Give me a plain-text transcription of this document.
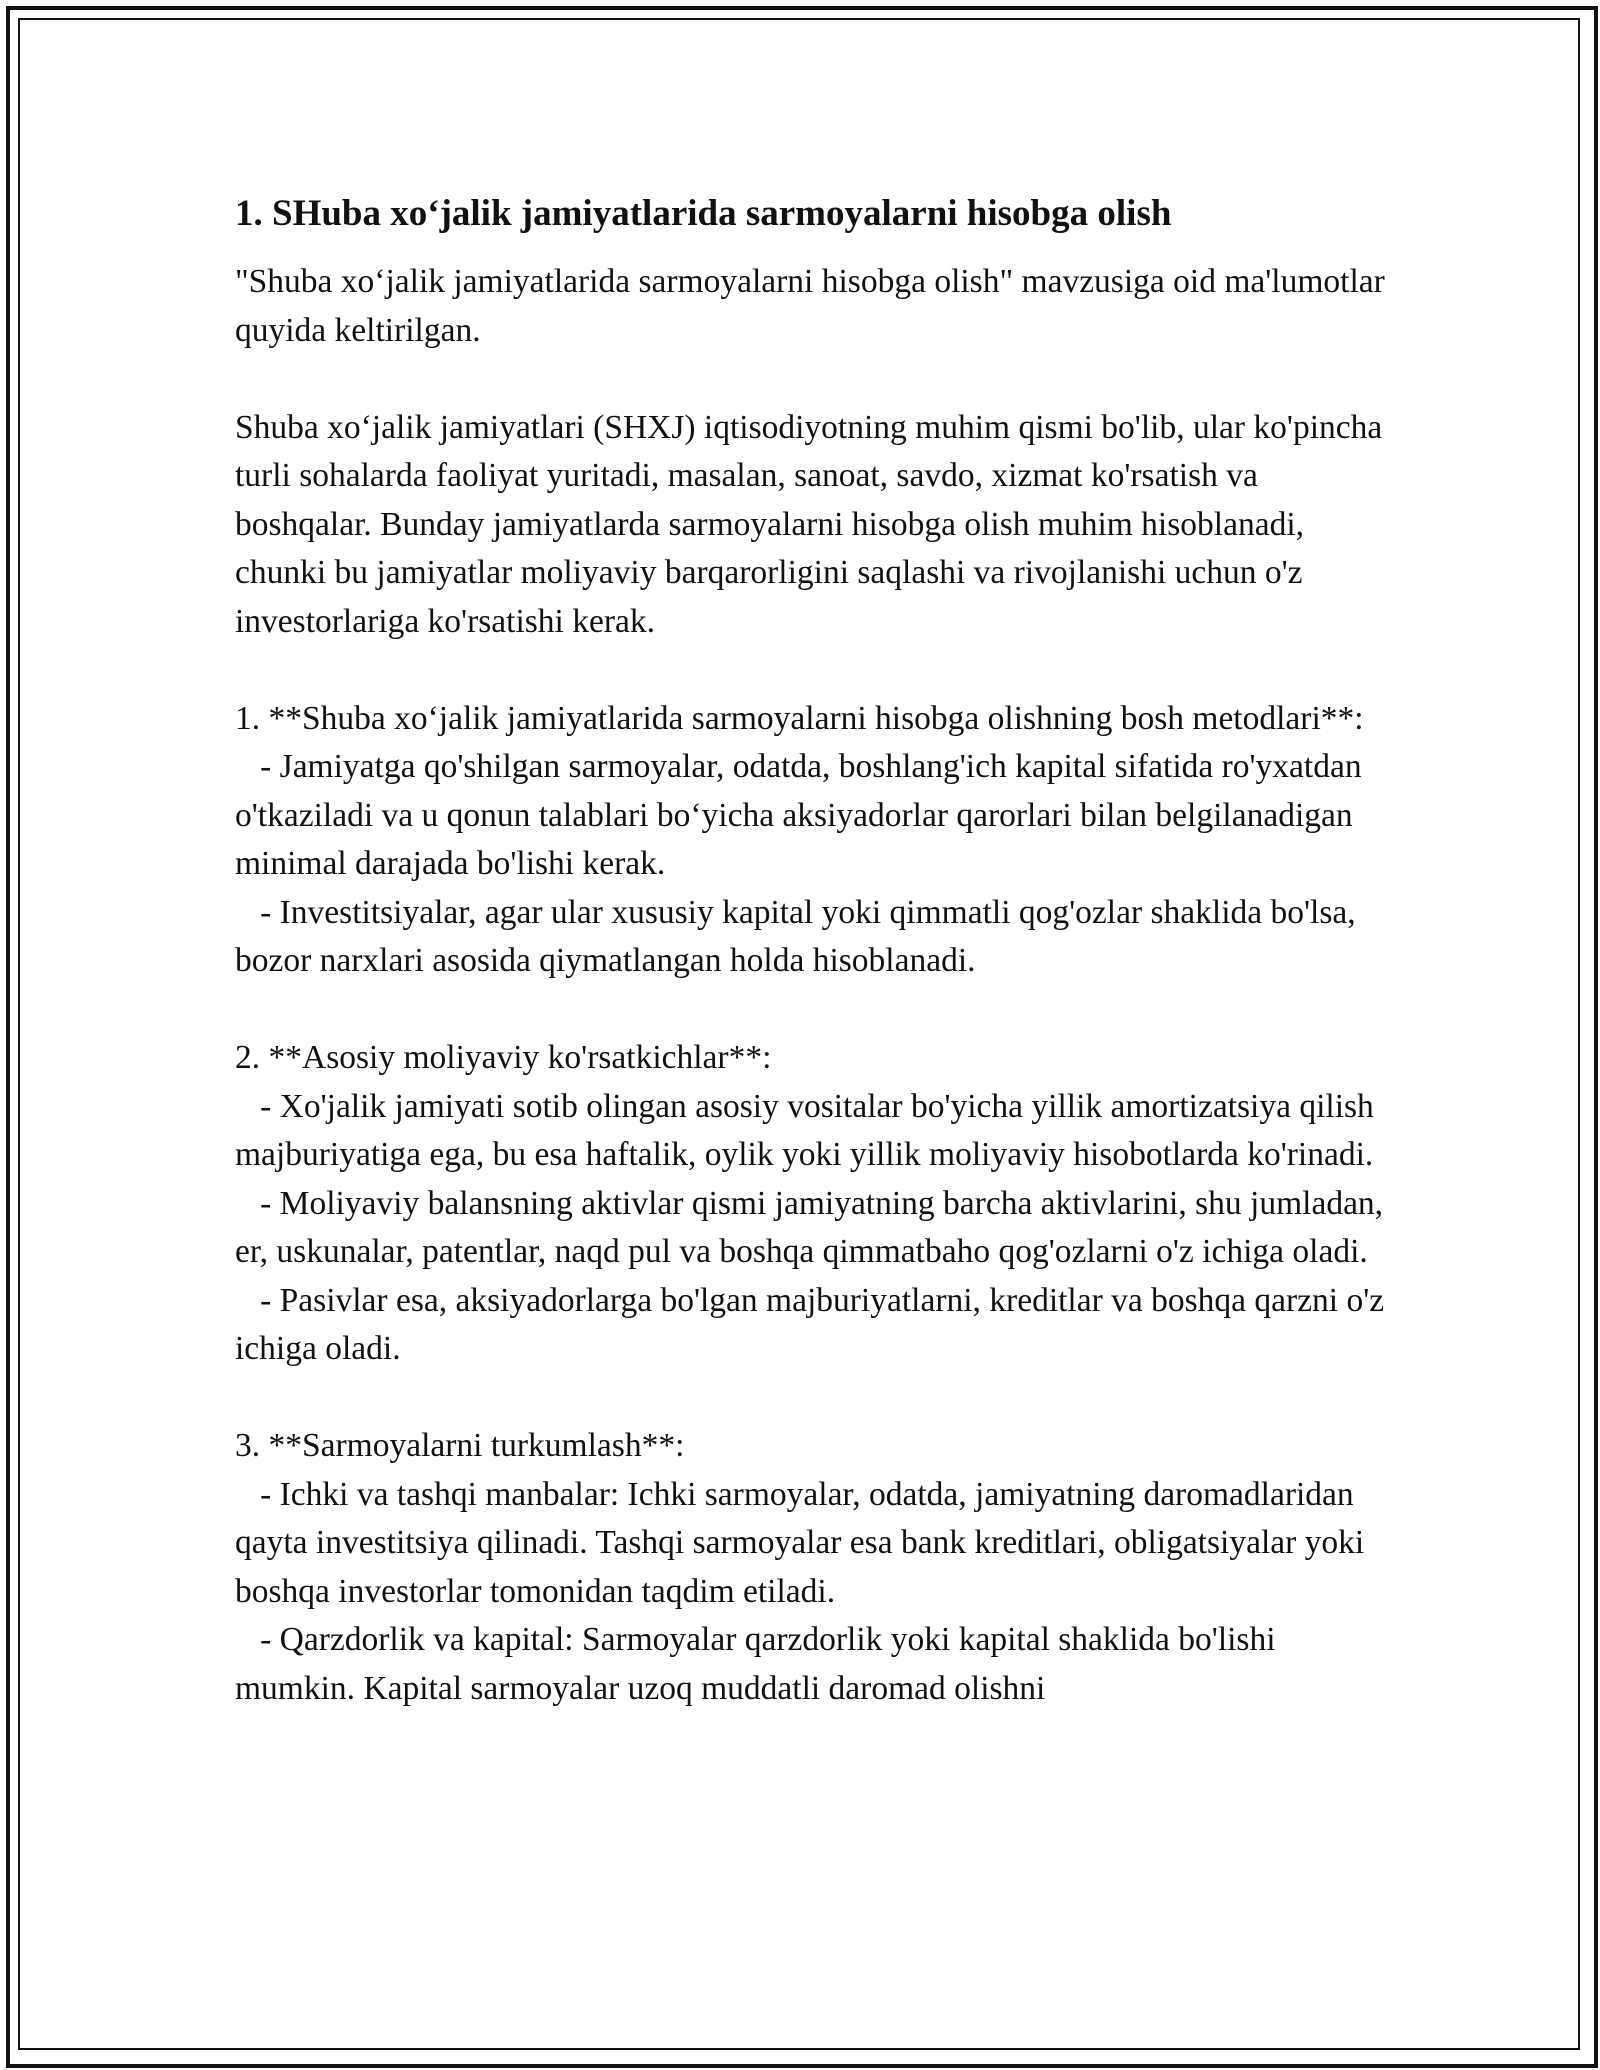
1. SHuba xo‘jalik jamiyatlarida sarmoyalarni hisobga olish

"Shuba xo‘jalik jamiyatlarida sarmoyalarni hisobga olish" mavzusiga oid ma'lumotlar quyida keltirilgan.

Shuba xo‘jalik jamiyatlari (SHXJ) iqtisodiyotning muhim qismi bo'lib, ular ko'pincha turli sohalarda faoliyat yuritadi, masalan, sanoat, savdo, xizmat ko'rsatish va boshqalar. Bunday jamiyatlarda sarmoyalarni hisobga olish muhim hisoblanadi, chunki bu jamiyatlar moliyaviy barqarorligini saqlashi va rivojlanishi uchun o'z investorlariga ko'rsatishi kerak.

1. **Shuba xo‘jalik jamiyatlarida sarmoyalarni hisobga olishning bosh metodlari**:
- Jamiyatga qo'shilgan sarmoyalar, odatda, boshlang'ich kapital sifatida ro'yxatdan o'tkaziladi va u qonun talablari bo‘yicha aksiyadorlar qarorlari bilan belgilanadigan minimal darajada bo'lishi kerak.
- Investitsiyalar, agar ular xususiy kapital yoki qimmatli qog'ozlar shaklida bo'lsa, bozor narxlari asosida qiymatlangan holda hisoblanadi.

2. **Asosiy moliyaviy ko'rsatkichlar**:
- Xo'jalik jamiyati sotib olingan asosiy vositalar bo'yicha yillik amortizatsiya qilish majburiyatiga ega, bu esa haftalik, oylik yoki yillik moliyaviy hisobotlarda ko'rinadi.
- Moliyaviy balansning aktivlar qismi jamiyatning barcha aktivlarini, shu jumladan, er, uskunalar, patentlar, naqd pul va boshqa qimmatbaho qog'ozlarni o'z ichiga oladi.
- Pasivlar esa, aksiyadorlarga bo'lgan majburiyatlarni, kreditlar va boshqa qarzni o'z ichiga oladi.

3. **Sarmoyalarni turkumlash**:
- Ichki va tashqi manbalar: Ichki sarmoyalar, odatda, jamiyatning daromadlaridan qayta investitsiya qilinadi. Tashqi sarmoyalar esa bank kreditlari, obligatsiyalar yoki boshqa investorlar tomonidan taqdim etiladi.
- Qarzdorlik va kapital: Sarmoyalar qarzdorlik yoki kapital shaklida bo'lishi mumkin. Kapital sarmoyalar uzoq muddatli daromad olishni
